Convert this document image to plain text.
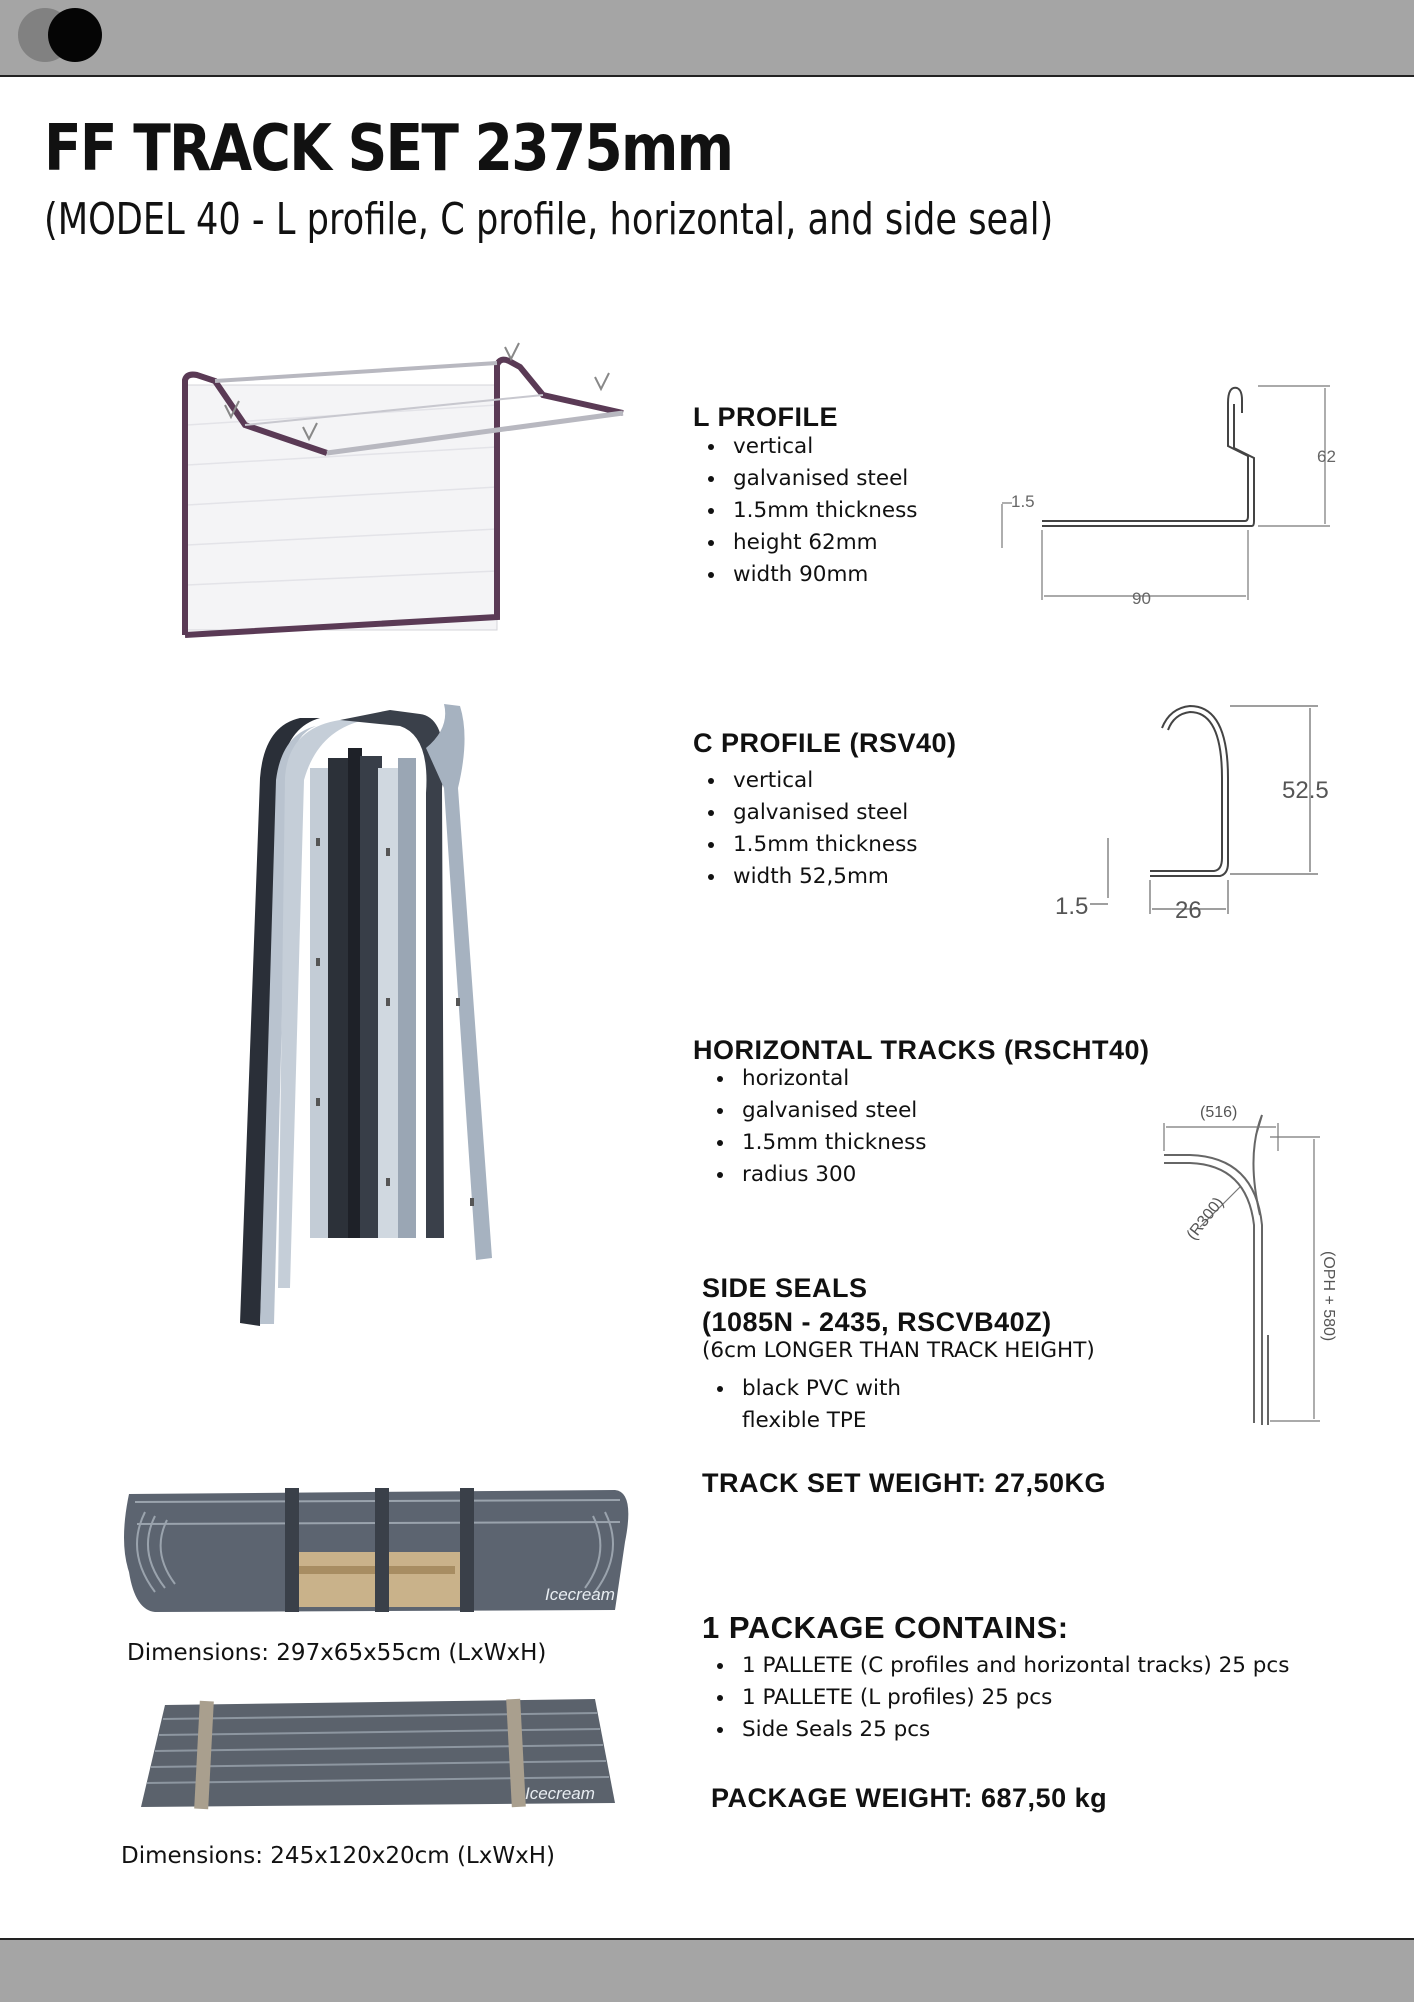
FF TRACK SET 2375mm
(MODEL 40 - L profile, C profile, horizontal, and side seal)
L PROFILE
vertical
galvanised steel
1.5mm thickness
height 62mm
width 90mm
62
90
1.5
C PROFILE (RSV40)
vertical
galvanised steel
1.5mm thickness
width 52,5mm
52.5
1.5	26
HORIZONTAL TRACKS (RSCHT40)
horizontal
galvanised steel
1.5mm thickness
radius 300
(516)
(R300)
(OPH + 580)
SIDE SEALS
(1085N - 2435, RSCVB40Z)
(6cm LONGER THAN TRACK HEIGHT)
black PVC with
flexible TPE
TRACK SET WEIGHT: 27,50KG
Icecream
Dimensions: 297x65x55cm (LxWxH)
Icecream
Dimensions: 245x120x20cm (LxWxH)
1 PACKAGE CONTAINS:
1 PALLETE (C profiles and horizontal tracks) 25 pcs
1 PALLETE (L profiles) 25 pcs
Side Seals 25 pcs
PACKAGE WEIGHT: 687,50 kg
